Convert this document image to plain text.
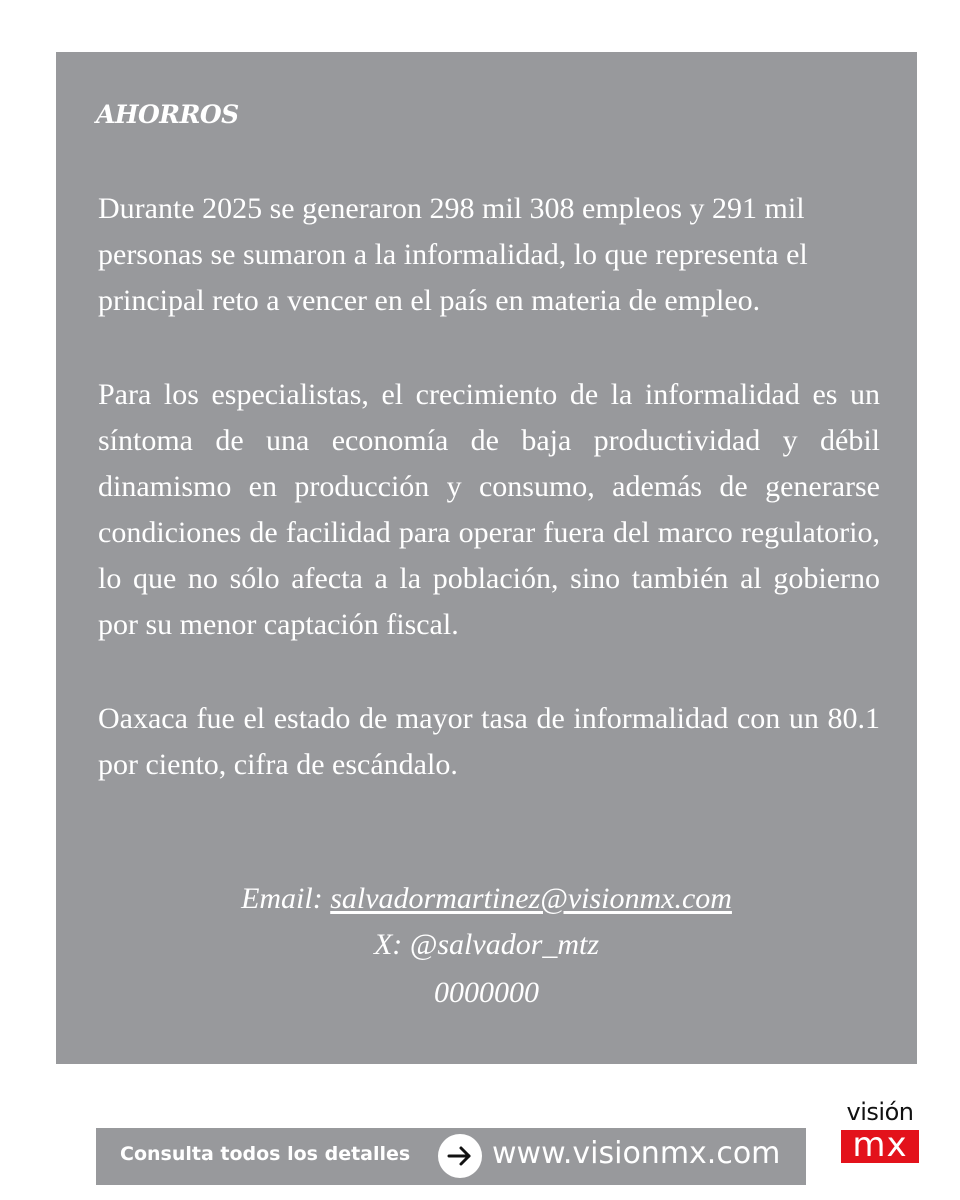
AHORROS

Durante 2025 se generaron 298 mil 308 empleos y 291 mil personas se sumaron a la informalidad, lo que representa el principal reto a vencer en el país en materia de empleo.

Para los especialistas, el crecimiento de la informalidad es un síntoma de una economía de baja productividad y débil dinamismo en producción y consumo, además de generarse condiciones de facilidad para operar fuera del marco regulatorio, lo que no sólo afecta a la población, sino también al gobierno por su menor captación fiscal.

Oaxaca fue el estado de mayor tasa de informalidad con un 80.1 por ciento, cifra de escándalo.

Email: salvadormartinez@visionmx.com
X: @salvador_mtz
0000000
Consulta todos los detalles	www.visionmx.com
visión
mx
